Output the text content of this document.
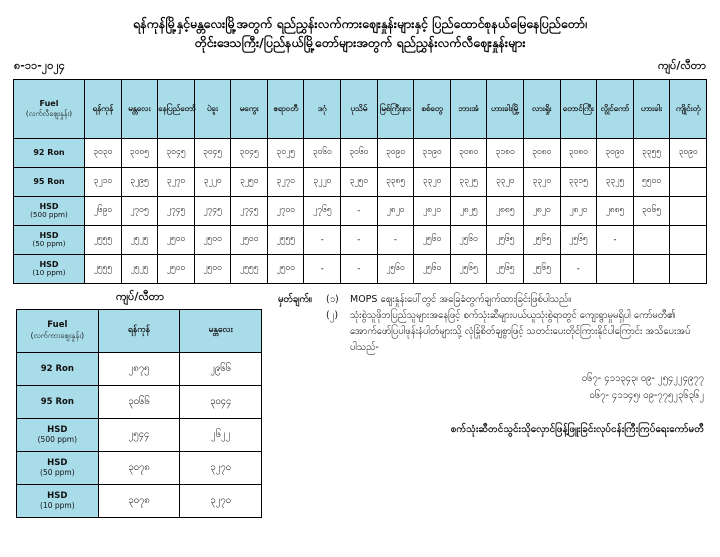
ရန်ကုန်မြို့နှင့်မန္တလေးမြို့အတွက် ရည်ညွှန်းလက်ကားဈေးနှုန်းများနှင့် ပြည်ထောင်စုနယ်မြေနေပြည်တော်၊
တိုင်းဒေသကြီး/ပြည်နယ်မြို့တော်များအတွက် ရည်ညွှန်းလက်လီဈေးနှုန်းများ
၈-၁၁-၂၀၂၄	ကျပ်/လီတာ
Fuel
(လက်လီဈေးနှုန်း)	ရန်ကုန်	မန္တလေး	နေပြည်တော်	ပဲခူး	မကွေး	ဧရာဝတီ	ဒဂုံ	ပုသိမ်	မြစ်ကြီးနား	စစ်တွေ	ဘားအံ	ဟားခါးမြို့	လားရှိုး	တောင်ကြီး	လွိုင်ကော်	ဟားခါး	ကျိုင်းတုံ

92 Ron	၃၀၃၀	၃၀၀၅	၃၀၄၅	၃၀၄၅	၃၀၄၅	၃၀၂၅	၃၀၆၀	၃၀၆၀	၃၀၉၀	၃၁၉၀	၃၀၈၀	၃၁၈၀	၃၀၈၀	၃၀၈၀	၃၀၉၀	၃၃၅၅	၃၀၉၀

95 Ron	၃၂၁၀	၃၂၉၅	၃၂၇၀	၃၂၂၀	၃၂၅၀	၃၂၇၀	၃၂၂၀	၃၂၅၀	၃၃၈၅	၃၃၂၀	၃၃၂၅	၃၃၂၀	၃၃၂၀	၃၃၁၅	၃၃၂၅	၅၅၀၀	

HSD
(500 ppm)	၂၆၉၀	၂၇၀၅	၂၇၄၅	၂၇၄၅	၂၇၄၅	၂၇၀၀	၂၇၆၅	-	၂၈၂၀	၂၈၂၀	၂၈၂၅	၂၈၈၅	၂၈၂၀	၂၈၂၀	၂၈၈၅	၃၀၆၅	

HSD
(50 ppm)	၂၅၅၅	၂၅၂၅	၂၅၀၀	၂၅၀၀	၂၅၀၀	၂၅၅၅	-	-	-	၂၅၆၀	၂၅၆၀	၂၅၆၅	၂၅၆၅	၂၅၆၅	-		

HSD
(10 ppm)	၂၅၅၅	၂၅၂၅	၂၅၀၀	၂၅၀၀	၂၅၅၅	၂၅၀၀	-	-	၂၅၆၀	၂၅၆၀	၂၅၆၅	၂၅၆၅	၂၅၆၅	-			
ကျပ်/လီတာ
Fuel
(လက်ကားဈေးနှုန်း)	ရန်ကုန်	မန္တလေး

92 Ron	၂၈၇၅	၂၉၆၆

95 Ron	၃၀၆၆	၃၀၄၄

HSD
(500 ppm)	၂၅၄၄	၂၆၂၂

HSD
(50 ppm)	၃၀၇၈	၃၂၇၀

HSD
(10 ppm)	၃၀၇၈	၃၂၇၀
မှတ်ချက်။	(၁)	MOPS ဈေးနှုန်းပေါ်တွင် အခြေခံတွက်ချက်ထားခြင်းဖြစ်ပါသည်။
(၂)	သုံးစွဲသူဖိုဘပြည်သူများအနေဖြင့် စက်သုံးဆီများပယ်ယူသုံးစွဲရာတွင် ကျေးရွာမှုမရှိပါ ကော်မတီ၏ အောက်ဖော်ပြပါဖုန်းနံပါတ်များသို့ လုံခြုံစိတ်ချစွာဖြင့် သတင်းပေးတိုင်ကြားနိုင်ပါကြောင်း အသိပေးအပ်ပါသည်-
၀၆၇- ၄၁၁၃၄၃၊ ၀၉- ၂၅၄၂၂၄၉၇၇
၀၆၇- ၄၁၁၄၅၊ ၀၉-၇၇၅၂၃၆၃၆၂
စက်သုံးဆီတင်သွင်းသိုလှောင်ဖြန့်ဖြူးခြင်းလုပ်ငန်းကြီးကြပ်ရေးကော်မတီ
